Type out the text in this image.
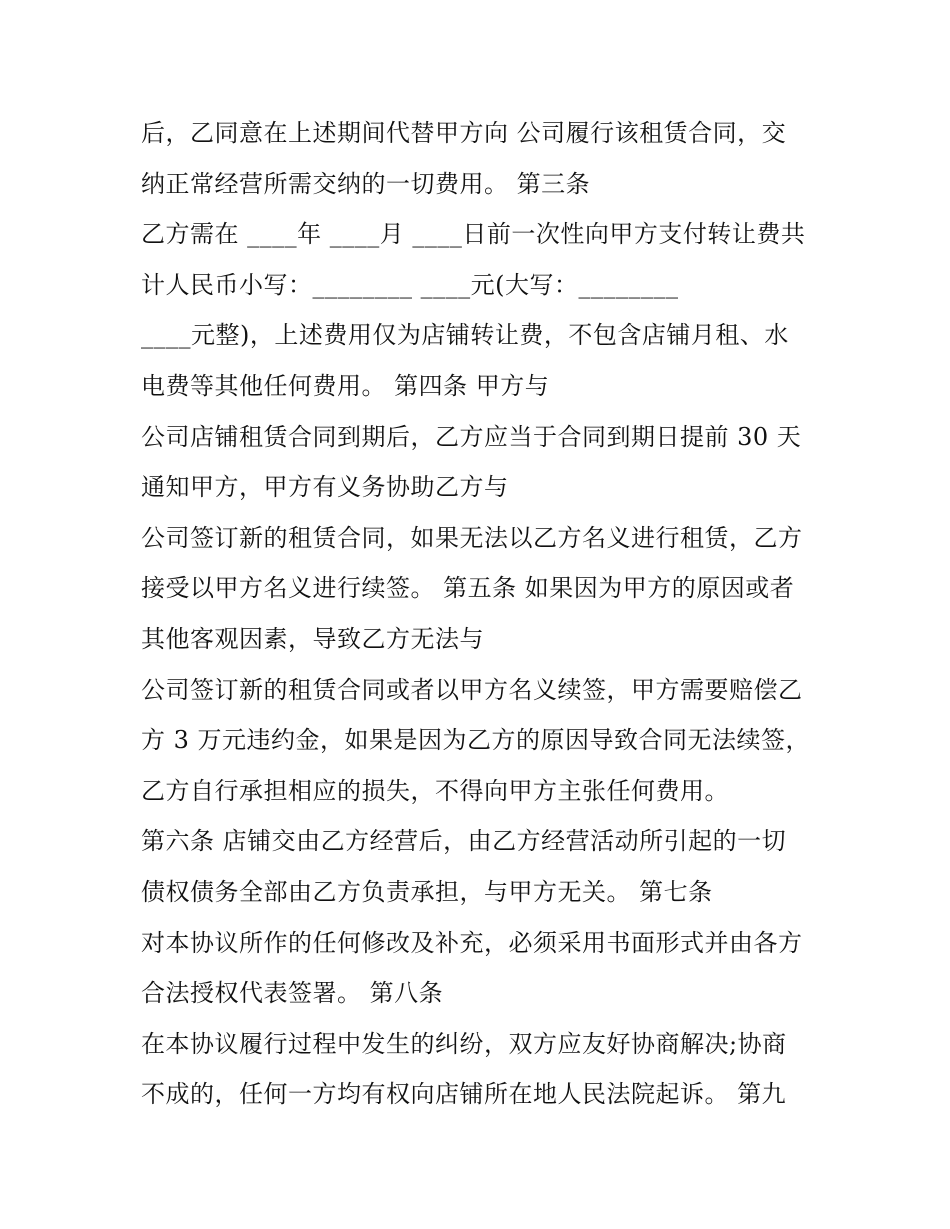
后，乙同意在上述期间代替甲方向 公司履行该租赁合同，交
纳正常经营所需交纳的一切费用。 第三条
乙方需在 ____年 ____月 ____日前一次性向甲方支付转让费共
计人民币小写：________ ____元(大写：________
____元整)，上述费用仅为店铺转让费，不包含店铺月租、水
电费等其他任何费用。 第四条 甲方与
公司店铺租赁合同到期后，乙方应当于合同到期日提前 30 天
通知甲方，甲方有义务协助乙方与
公司签订新的租赁合同，如果无法以乙方名义进行租赁，乙方
接受以甲方名义进行续签。 第五条 如果因为甲方的原因或者
其他客观因素，导致乙方无法与
公司签订新的租赁合同或者以甲方名义续签，甲方需要赔偿乙
方 3 万元违约金，如果是因为乙方的原因导致合同无法续签，
乙方自行承担相应的损失，不得向甲方主张任何费用。
第六条 店铺交由乙方经营后，由乙方经营活动所引起的一切
债权债务全部由乙方负责承担，与甲方无关。 第七条
对本协议所作的任何修改及补充，必须采用书面形式并由各方
合法授权代表签署。 第八条
在本协议履行过程中发生的纠纷，双方应友好协商解决;协商
不成的，任何一方均有权向店铺所在地人民法院起诉。 第九
